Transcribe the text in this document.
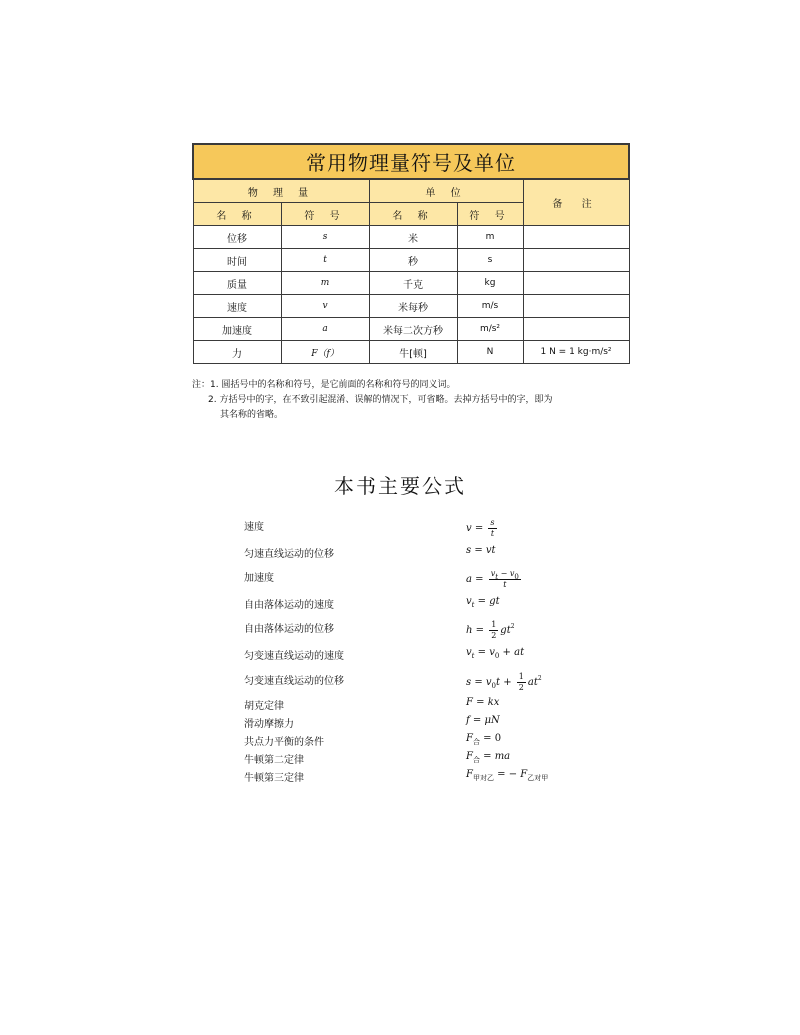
常用物理量符号及单位				
物 理 量		单 位		备 注
名 称	符 号	名 称	符 号	
位移	s	米	m	
时间	t	秒	s	
质量	m	千克	kg	
速度	v	米每秒	m/s	
加速度	a	米每二次方秒	m/s²	
力	F（f）	牛[顿]	N	1 N = 1 kg·m/s²
注：1. 圆括号中的名称和符号，是它前面的名称和符号的同义词。
2. 方括号中的字，在不致引起混淆、误解的情况下，可省略。去掉方括号中的字，即为
其名称的省略。
本书主要公式
速度	$v = \frac{s}{t}$
匀速直线运动的位移	s = vt
加速度	$a = \frac{vt - v0}{t}$
自由落体运动的速度	v t = gt
自由落体运动的位移	$h = \frac{1}{2}$ gt 2
匀变速直线运动的速度	v t = v 0 + at
匀变速直线运动的位移	s = v 0 $t + \frac{1}{2}$ at 2
胡克定律	F = kx
滑动摩擦力	f = μN
共点力平衡的条件	F 合 = 0
牛顿第二定律	F 合 = ma
牛顿第三定律	F 甲对乙 = − F 乙对甲
